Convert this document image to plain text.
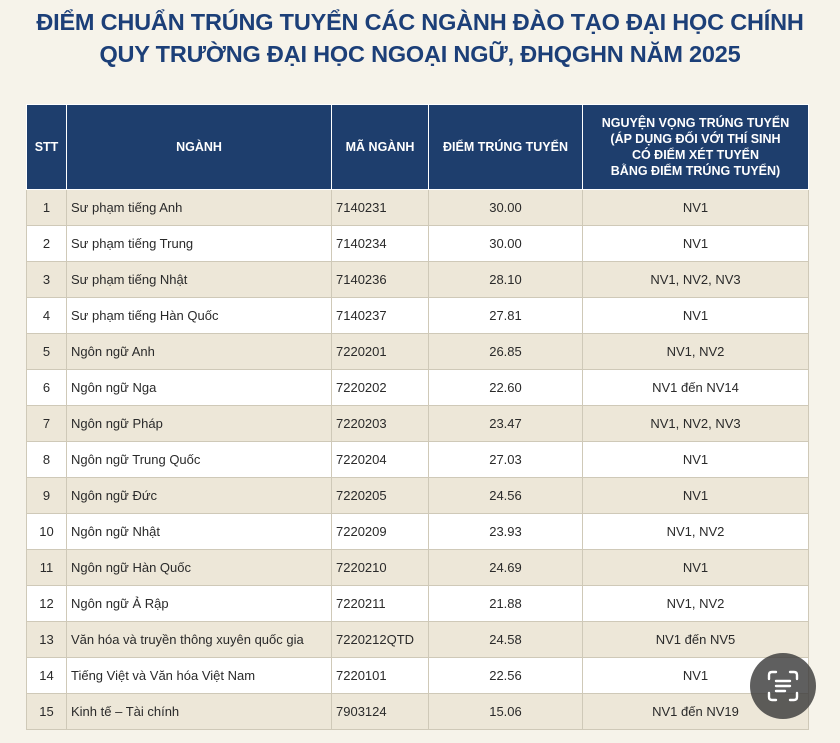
ĐIỂM CHUẨN TRÚNG TUYỂN CÁC NGÀNH ĐÀO TẠO ĐẠI HỌC CHÍNH
QUY TRƯỜNG ĐẠI HỌC NGOẠI NGỮ, ĐHQGHN NĂM 2025
STT	NGÀNH	MÃ NGÀNH	ĐIỂM TRÚNG TUYỂN	NGUYỆN VỌNG TRÚNG TUYỂN
(ÁP DỤNG ĐỐI VỚI THÍ SINH
CÓ ĐIỂM XÉT TUYỂN
BẰNG ĐIỂM TRÚNG TUYỂN)

1	Sư phạm tiếng Anh	7140231	30.00	NV1
2	Sư phạm tiếng Trung	7140234	30.00	NV1
3	Sư phạm tiếng Nhật	7140236	28.10	NV1, NV2, NV3
4	Sư phạm tiếng Hàn Quốc	7140237	27.81	NV1
5	Ngôn ngữ Anh	7220201	26.85	NV1, NV2
6	Ngôn ngữ Nga	7220202	22.60	NV1 đến NV14
7	Ngôn ngữ Pháp	7220203	23.47	NV1, NV2, NV3
8	Ngôn ngữ Trung Quốc	7220204	27.03	NV1
9	Ngôn ngữ Đức	7220205	24.56	NV1
10	Ngôn ngữ Nhật	7220209	23.93	NV1, NV2
11	Ngôn ngữ Hàn Quốc	7220210	24.69	NV1
12	Ngôn ngữ Ả Rập	7220211	21.88	NV1, NV2
13	Văn hóa và truyền thông xuyên quốc gia	7220212QTD	24.58	NV1 đến NV5
14	Tiếng Việt và Văn hóa Việt Nam	7220101	22.56	NV1
15	Kinh tế – Tài chính	7903124	15.06	NV1 đến NV19
